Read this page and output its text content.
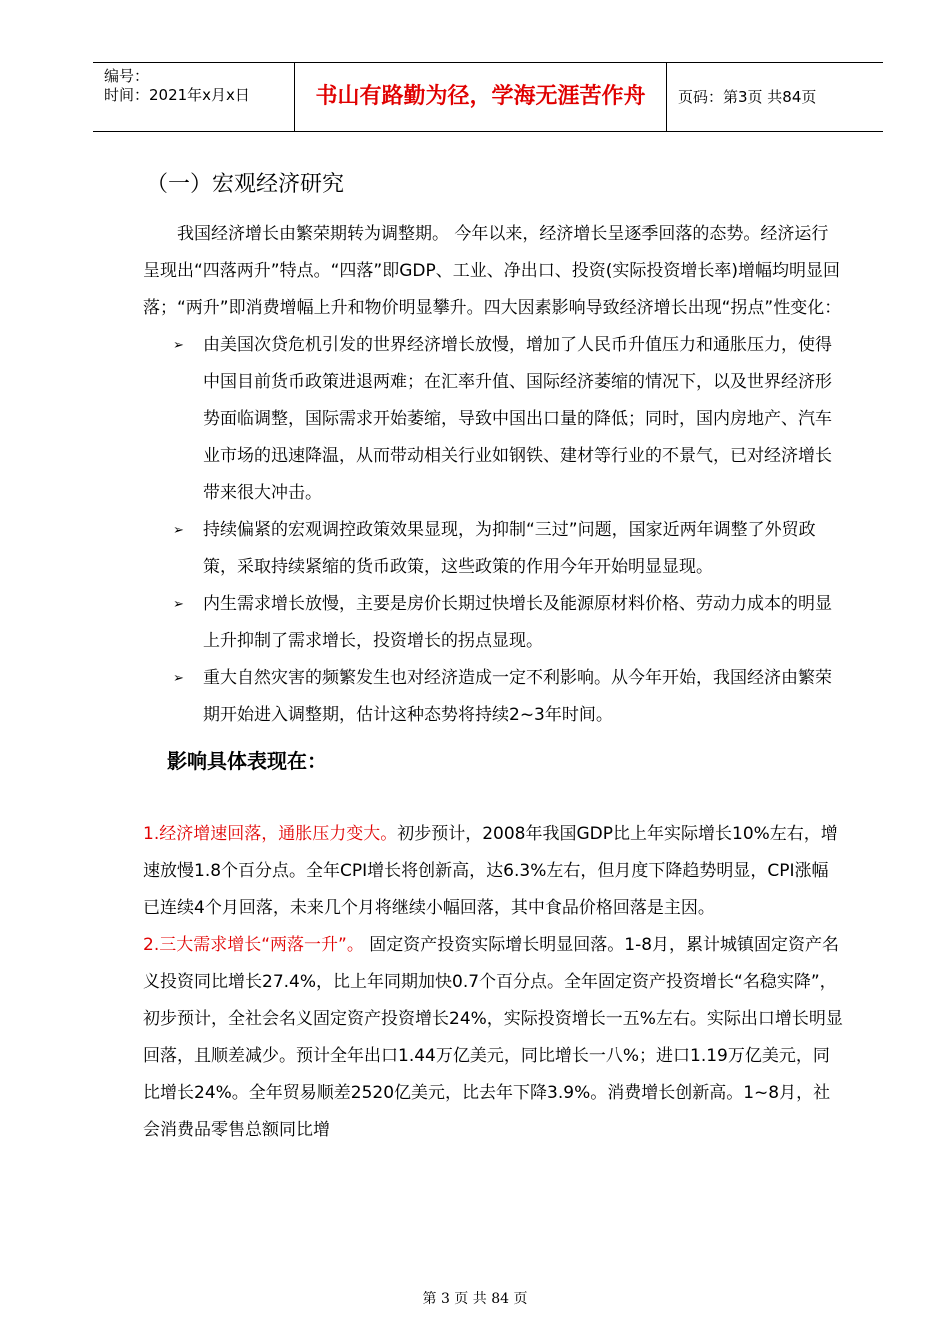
编号：
时间：2021年x月x日	书山有路勤为径，学海无涯苦作舟	页码：第3页 共84页
（一）宏观经济研究

我国经济增长由繁荣期转为调整期。 今年以来，经济增长呈逐季回落的态势。经济运行呈现出“四落两升”特点。“四落”即GDP、工业、净出口、投资(实际投资增长率)增幅均明显回落；“两升”即消费增幅上升和物价明显攀升。四大因素影响导致经济增长出现“拐点”性变化：

➢ 由美国次贷危机引发的世界经济增长放慢，增加了人民币升值压力和通胀压力，使得中国目前货币政策进退两难；在汇率升值、国际经济萎缩的情况下，以及世界经济形势面临调整，国际需求开始萎缩，导致中国出口量的降低；同时，国内房地产、汽车业市场的迅速降温，从而带动相关行业如钢铁、建材等行业的不景气，已对经济增长带来很大冲击。
➢ 持续偏紧的宏观调控政策效果显现，为抑制“三过”问题，国家近两年调整了外贸政策，采取持续紧缩的货币政策，这些政策的作用今年开始明显显现。
➢ 内生需求增长放慢，主要是房价长期过快增长及能源原材料价格、劳动力成本的明显上升抑制了需求增长，投资增长的拐点显现。
➢ 重大自然灾害的频繁发生也对经济造成一定不利影响。从今年开始，我国经济由繁荣期开始进入调整期，估计这种态势将持续2~3年时间。
影响具体表现在：

1.经济增速回落，通胀压力变大。初步预计，2008年我国GDP比上年实际增长10%左右，增速放慢1.8个百分点。全年CPI增长将创新高，达6.3%左右，但月度下降趋势明显，CPI涨幅已连续4个月回落，未来几个月将继续小幅回落，其中食品价格回落是主因。

2.三大需求增长“两落一升”。 固定资产投资实际增长明显回落。1-8月，累计城镇固定资产名义投资同比增长27.4%，比上年同期加快0.7个百分点。全年固定资产投资增长“名稳实降”，初步预计，全社会名义固定资产投资增长24%，实际投资增长一五%左右。实际出口增长明显回落，且顺差减少。预计全年出口1.44万亿美元，同比增长一八%；进口1.19万亿美元，同比增长24%。全年贸易顺差2520亿美元，比去年下降3.9%。消费增长创新高。1~8月，社会消费品零售总额同比增

第 3 页 共 84 页
